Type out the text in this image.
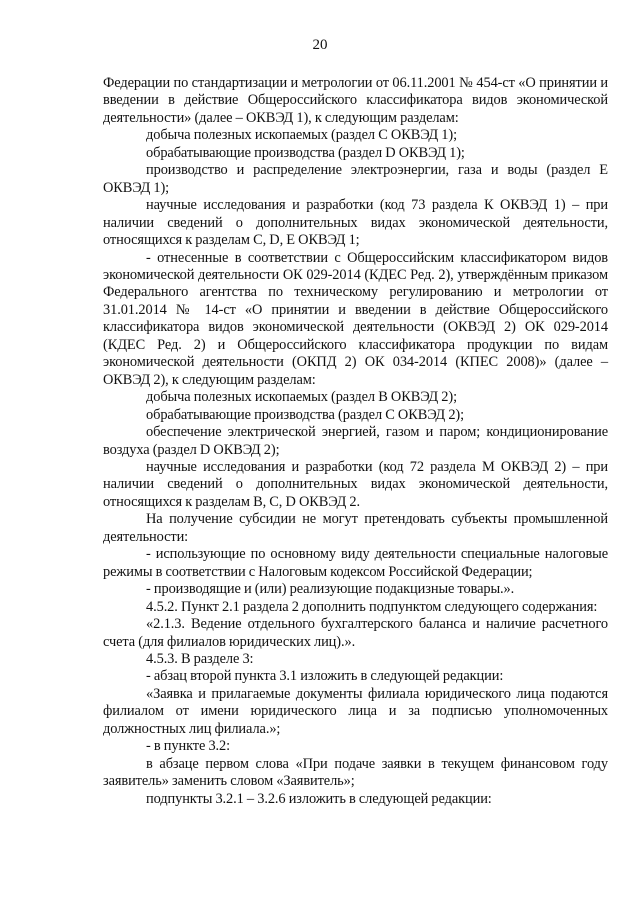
20

Федерации по стандартизации и метрологии от 06.11.2001 № 454-ст «О принятии и введении в действие Общероссийского классификатора видов экономической деятельности» (далее – ОКВЭД 1), к следующим разделам:

добыча полезных ископаемых (раздел С ОКВЭД 1);

обрабатывающие производства (раздел D ОКВЭД 1);

производство и распределение электроэнергии, газа и воды (раздел Е ОКВЭД 1);

научные исследования и разработки (код 73 раздела К ОКВЭД 1) – при наличии сведений о дополнительных видах экономической деятельности, относящихся к разделам С, D, Е ОКВЭД 1;

- отнесенные в соответствии с Общероссийским классификатором видов экономической деятельности ОК 029-2014 (КДЕС Ред. 2), утверждённым приказом Федерального агентства по техническому регулированию и метрологии от 31.01.2014 № 14-ст «О принятии и введении в действие Общероссийского классификатора видов экономической деятельности (ОКВЭД 2) ОК 029-2014 (КДЕС Ред. 2) и Общероссийского классификатора продукции по видам экономической деятельности (ОКПД 2) ОК 034-2014 (КПЕС 2008)» (далее – ОКВЭД 2), к следующим разделам:

добыча полезных ископаемых (раздел В ОКВЭД 2);

обрабатывающие производства (раздел С ОКВЭД 2);

обеспечение электрической энергией, газом и паром; кондиционирование воздуха (раздел D ОКВЭД 2);

научные исследования и разработки (код 72 раздела М ОКВЭД 2) – при наличии сведений о дополнительных видах экономической деятельности, относящихся к разделам В, С, D ОКВЭД 2.

На получение субсидии не могут претендовать субъекты промышленной деятельности:

- использующие по основному виду деятельности специальные налоговые режимы в соответствии с Налоговым кодексом Российской Федерации;

- производящие и (или) реализующие подакцизные товары.».

4.5.2. Пункт 2.1 раздела 2 дополнить подпунктом следующего содержания:

«2.1.3. Ведение отдельного бухгалтерского баланса и наличие расчетного счета (для филиалов юридических лиц).».

4.5.3. В разделе 3:

- абзац второй пункта 3.1 изложить в следующей редакции:

«Заявка и прилагаемые документы филиала юридического лица подаются филиалом от имени юридического лица и за подписью уполномоченных должностных лиц филиала.»;

- в пункте 3.2:

в абзаце первом слова «При подаче заявки в текущем финансовом году заявитель» заменить словом «Заявитель»;

подпункты 3.2.1 – 3.2.6 изложить в следующей редакции:
